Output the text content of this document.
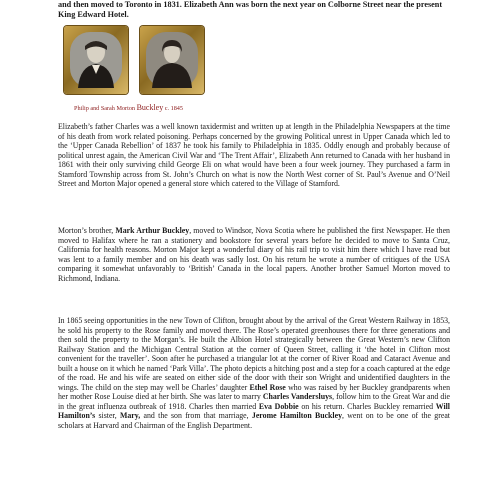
and then moved to Toronto in 1831. Elizabeth Ann was born the next year on Colborne Street near the present King Edward Hotel.

Philip and Sarah Morton Buckley c. 1845

Elizabeth’s father Charles was a well known taxidermist and written up at length in the Philadelphia Newspapers at the time of his death from work related poisoning. Perhaps concerned by the growing Political unrest in Upper Canada which led to the ‘Upper Canada Rebellion’ of 1837 he took his family to Philadelphia in 1835. Oddly enough and probably because of political unrest again, the American Civil War and ‘The Trent Affair’, Elizabeth Ann returned to Canada with her husband in 1861 with their only surviving child George Eli on what would have been a four week journey. They purchased a farm in Stamford Township across from St. John’s Church on what is now the North West corner of St. Paul’s Avenue and O’Neil Street and Morton Major opened a general store which catered to the Village of Stamford.

Morton’s brother, Mark Arthur Buckley, moved to Windsor, Nova Scotia where he published the first Newspaper. He then moved to Halifax where he ran a stationery and bookstore for several years before he decided to move to Santa Cruz, California for health reasons. Morton Major kept a wonderful diary of his rail trip to visit him there which I have read but was lent to a family member and on his death was sadly lost. On his return he wrote a number of critiques of the USA comparing it somewhat unfavorably to ‘British’ Canada in the local papers. Another brother Samuel Morton moved to Richmond, Indiana.

In 1865 seeing opportunities in the new Town of Clifton, brought about by the arrival of the Great Western Railway in 1853, he sold his property to the Rose family and moved there. The Rose’s operated greenhouses there for three generations and then sold the property to the Morgan’s. He built the Albion Hotel strategically between the Great Western’s new Clifton Railway Station and the Michigan Central Station at the corner of Queen Street, calling it ‘the hotel in Clifton most convenient for the traveller’. Soon after he purchased a triangular lot at the corner of River Road and Cataract Avenue and built a house on it which he named ‘Park Villa’. The photo depicts a hitching post and a step for a coach captured at the edge of the road. He and his wife are seated on either side of the door with their son Wright and unidentified daughters in the wings. The child on the step may well be Charles’ daughter Ethel Rose who was raised by her Buckley grandparents when her mother Rose Louise died at her birth. She was later to marry Charles Vandersluys, follow him to the Great War and die in the great influenza outbreak of 1918. Charles then married Eva Dobbie on his return. Charles Buckley remarried Will Hamilton’s sister, Mary, and the son from that marriage, Jerome Hamilton Buckley, went on to be one of the great scholars at Harvard and Chairman of the English Department.
